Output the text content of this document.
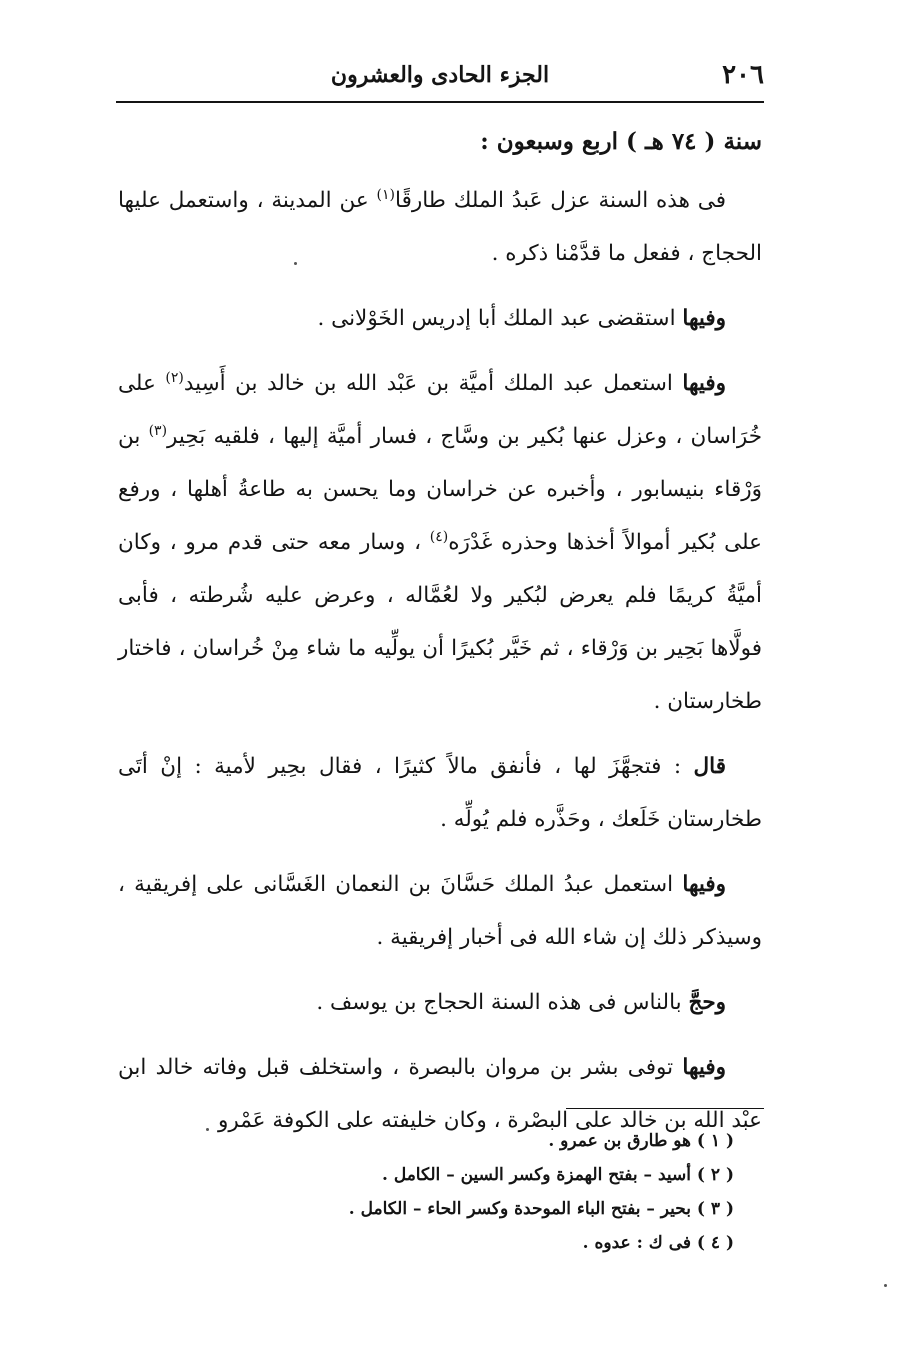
٢٠٦
الجزء الحادى والعشرون
سنة ( ٧٤ هـ ) اربع وسبعون :

فى هذه السنة عزل عَبدُ الملك طارقًا$^{(١)}$ عن المدينة ، واستعمل عليها الحجاج ، ففعل ما قدَّمْنا ذكره .

وفيها استقضى عبد الملك أبا إدريس الخَوْلانى .

وفيها استعمل عبد الملك أميَّة بن عَبْد الله بن خالد بن أَسِيد$^{(٢)}$ على خُرَاسان ، وعزل عنها بُكير بن وسَّاج ، فسار أميَّة إليها ، فلقيه بَحِير$^{(٣)}$ بن وَرْقاء بنيسابور ، وأخبره عن خراسان وما يحسن به طاعةُ أهلها ، ورفع على بُكير أموالاً أخذها وحذره غَدْرَه$^{(٤)}$ ، وسار معه حتى قدم مرو ، وكان أميَّةُ كريمًا فلم يعرض لبُكير ولا لعُمَّاله ، وعرض عليه شُرطته ، فأبى فولَّاها بَحِير بن وَرْقاء ، ثم خَيَّر بُكيرًا أن يولِّيه ما شاء مِنْ خُراسان ، فاختار طخارستان .

قال : فتجهَّزَ لها ، فأنفق مالاً كثيرًا ، فقال بحِير لأمية : إنْ أتَى طخارستان خَلَعك ، وحَذَّره فلم يُولِّه .

وفيها استعمل عبدُ الملك حَسَّانَ بن النعمان الغَسَّانى على إفريقية ، وسيذكر ذلك إن شاء الله فى أخبار إفريقية .

وحجَّ بالناس فى هذه السنة الحجاج بن يوسف .

وفيها توفى بشر بن مروان بالبصرة ، واستخلف قبل وفاته خالد ابن عبْد الله بن خالد على البصْرة ، وكان خليفته على الكوفة عَمْرو

( ١ ) هو طارق بن عمرو .
( ٢ ) أسيد – بفتح الهمزة وكسر السين – الكامل .
( ٣ ) بحير – بفتح الباء الموحدة وكسر الحاء – الكامل .
( ٤ ) فى ك : عدوه .
